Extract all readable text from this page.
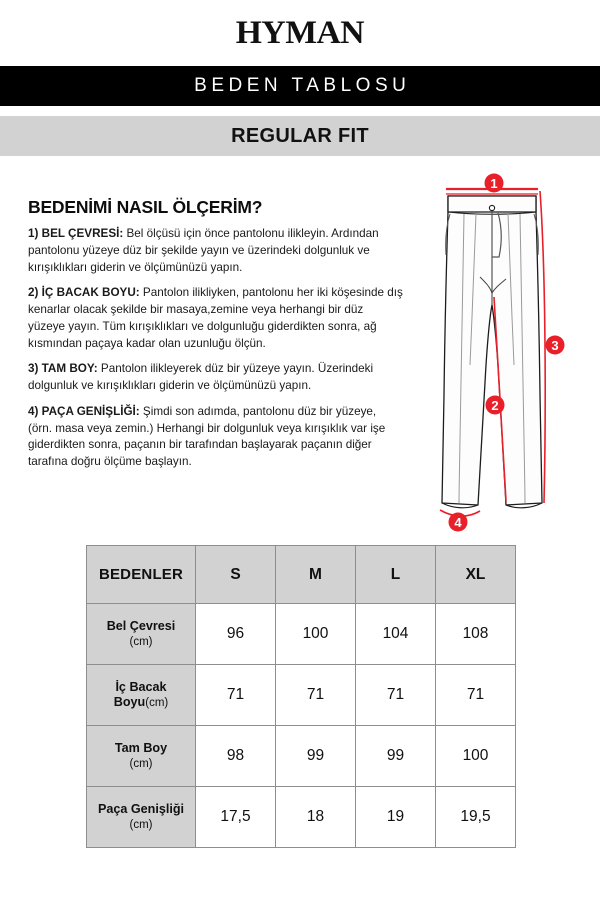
HYMAN
BEDEN TABLOSU
REGULAR FIT
BEDENİMİ NASIL ÖLÇERİM?

1) BEL ÇEVRESİ: Bel ölçüsü için önce pantolonu ilikleyin. Ardından pantolonu yüzeye düz bir şekilde yayın ve üzerindeki dolgunluk ve kırışıklıkları giderin ve ölçümünüzü yapın.

2) İÇ BACAK BOYU: Pantolon ilikliyken, pantolonu her iki köşesinde dış kenarlar olacak şekilde bir masaya,zemine veya herhangi bir düz yüzeye yayın. Tüm kırışıklıkları ve dolgunluğu giderdikten sonra, ağ kısmından paçaya kadar olan uzunluğu ölçün.

3) TAM BOY: Pantolon ilikleyerek düz bir yüzeye yayın. Üzerindeki dolgunluk ve kırışıklıkları giderin ve ölçümünüzü yapın.

4) PAÇA GENİŞLİĞİ: Şimdi son adımda, pantolonu düz bir yüzeye, (örn. masa veya zemin.) Herhangi bir dolgunluk veya kırışıklık var işe giderdikten sonra, paçanın bir tarafından başlayarak paçanın diğer tarafına doğru ölçüme başlayın.

1
2
3
4
BEDENLER	S	M	L	XL
Bel Çevresi
(cm)	96	100	104	108
İç Bacak
Boyu(cm)	71	71	71	71
Tam Boy
(cm)	98	99	99	100
Paça Genişliği
(cm)	17,5	18	19	19,5
